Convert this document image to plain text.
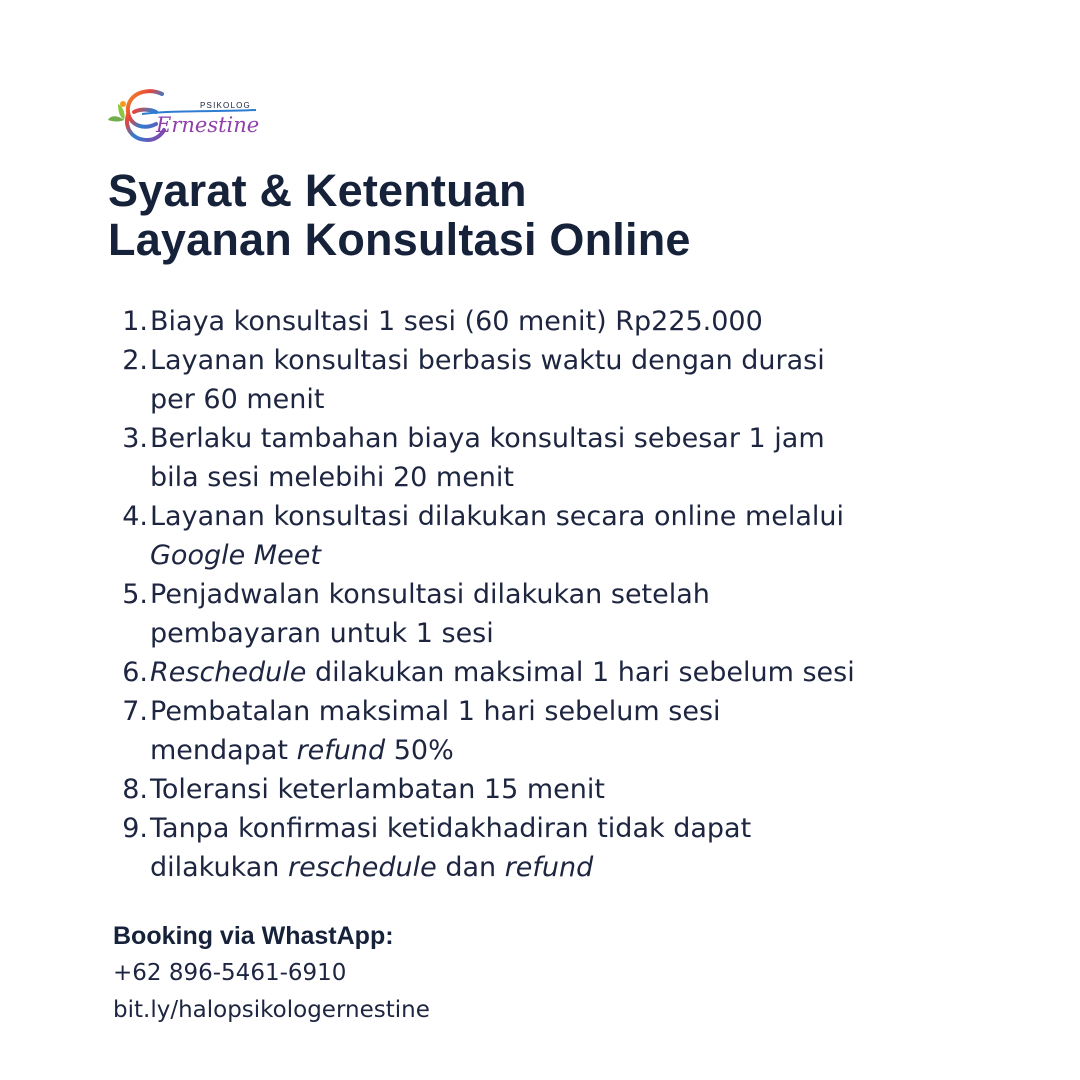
PSIKOLOG
Ernestine
Syarat & Ketentuan
Layanan Konsultasi Online
1. Biaya konsultasi 1 sesi (60 menit) Rp225.000
2. Layanan konsultasi berbasis waktu dengan durasi
per 60 menit
3. Berlaku tambahan biaya konsultasi sebesar 1 jam
bila sesi melebihi 20 menit
4. Layanan konsultasi dilakukan secara online melalui
Google Meet
5. Penjadwalan konsultasi dilakukan setelah
pembayaran untuk 1 sesi
6. Reschedule dilakukan maksimal 1 hari sebelum sesi
7. Pembatalan maksimal 1 hari sebelum sesi
mendapat refund 50%
8. Toleransi keterlambatan 15 menit
9. Tanpa konfirmasi ketidakhadiran tidak dapat
dilakukan reschedule dan refund
Booking via WhastApp:
+62 896-5461-6910
bit.ly/halopsikologernestine
